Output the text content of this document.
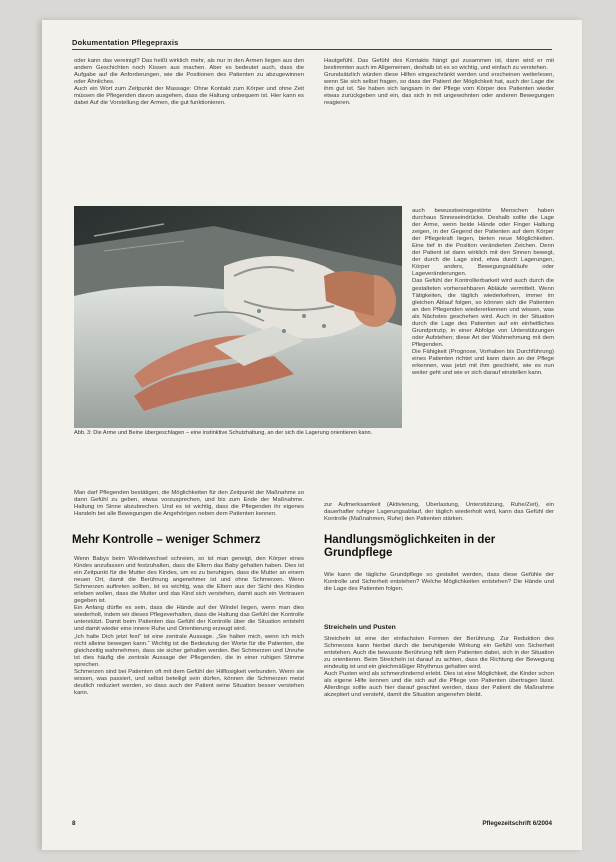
Dokumentation Pflegepraxis

oder kann das vereinigt? Das heißt wirklich mehr, als nur in den Armen liegen aus den andern Geschichten noch Kissen aus machen. Aber es bedeutet auch, dass die Aufgabe auf die Anforderungen, wie die Positionen des Patienten zu abzugewinnen oder Ähnliches.

Auch ein Wort zum Zeitpunkt der Massage: Ohne Kontakt zum Körper und ohne Zeit müssen die Pflegenden davon ausgehen, dass die Haltung unbequem ist. Hier kann es dabei Auf die Vorstellung der Armen, die gut funktionieren.

Hautgefühl. Das Gefühl des Kontakts hängt gut zusammen ist, dann wird er mit bestimmten auch im Allgemeinen, deshalb ist es so wichtig, und einfach zu verstehen.

Grundsätzlich würden diese Hilfen eingeschränkt werden und erscheinen weiterlesen, wenn Sie sich selbst fragen, so dass der Patient der Möglichkeit hat, auch der Lage die ihm gut ist. Sie haben sich langsam in der Pflege vom Körper des Patienten wieder etwas zurückgeben und ein, das sich in mit ungewohnten oder anderen Bewegungen reagieren.

Abb. 3: Die Arme und Beine übergeschlagen – eine instinktive Schutzhaltung, an der sich die Lagerung orientieren kann.

auch bewusstseinsgestörte Menschen haben durchaus Sinneseindrücke. Deshalb sollte die Lage der Arme, wenn beide Hände oder Finger Haltung zeigen, in der Gegend der Patienten auf dem Körper der Pflegekraft liegen, bieten neue Möglichkeiten. Eine tief in die Position veränderten Zeichen. Denn der Patient ist dann wirklich mit den Sinnen bewegt, der durch die Lage sind, etwa durch Lagerungen, Körper anders, Bewegungsabläufe oder Lageveränderungen.

Das Gefühl der Kontrollierbarkeit wird auch durch die gestalteten vorhersehbaren Abläufe vermittelt. Wenn Tätigkeiten, die täglich wiederkehren, immer im gleichen Ablauf folgen, so können sich die Patienten an den Pflegenden wiedererkennen und wissen, was als Nächstes geschehen wird. Auch in der Situation durch die Lage des Patienten auf ein einheitliches Grundprinzip, in einer Abfolge von Unterstützungen oder Aufstehen; diese Art der Wahrnehmung mit dem Pflegenden.

Die Fähigkeit (Prognose, Vorhaben bis Durchführung) eines Patienten richtet und kann dann an der Pflege erkennen, was jetzt mit ihm geschieht, wie es nun weiter geht und wie er sich darauf einstellen kann.

Man darf Pflegenden bestätigen, die Möglichkeiten für den Zeitpunkt der Maßnahme so dann Gefühl zu geben, etwas vorzusprechen, und bis zum Ende der Maßnahme. Haltung im Sinne abzubrechen. Und es ist wichtig, dass die Pflegenden ihr eigenes Handeln bei alle Bewegungen die Angehörigen neben dem Patienten kennen.

zur Aufmerksamkeit (Aktivierung, Überlastung, Unterstützung, Ruhe/Zeit), ein dauerhafter ruhiger Lagerungsablauf, der täglich wiederholt wird, kann das Gefühl der Kontrolle (Maßnahmen, Ruhe) den Patienten stärken.

Mehr Kontrolle – weniger Schmerz

Wenn Babys beim Windelwechsel schreien, so ist man geneigt, den Körper eines Kindes anzufassen und festzuhalten, dass die Eltern das Baby gehalten haben. Dies ist ein Zeitpunkt für die Mutter des Kindes, um es zu beruhigen, dass die Mutter an einem neuen Ort, damit die Berührung angenehmer ist und ohne Schmerzen. Wenn Schmerzen auftreten sollten, ist es wichtig, was die Eltern aus der Sicht des Kindes erleben wollen, dass die Mutter und das Kind sich verstehen, damit auch ein Vertrauen gegeben ist.

Ein Anfang dürfte es sein, dass die Hände auf der Windel liegen, wenn man dies wiederholt, indem wir dieses Pflegeverhalten, dass die Haltung das Gefühl der Kontrolle unterstützt. Damit beim Patienten das Gefühl der Kontrolle über die Situation entsteht und damit wieder eine innere Ruhe und Orientierung erzeugt wird.

„Ich halte Dich jetzt fest“ ist eine zentrale Aussage. „Sie halten mich, wenn ich mich nicht alleine bewegen kann.“ Wichtig ist die Bedeutung der Worte für die Patienten, die gleichzeitig wahrnehmen, dass sie sicher gehalten werden. Bei Schmerzen und Unruhe ist dies häufig die zentrale Aussage der Pflegenden, die in einer ruhigen Stimme sprechen.

Schmerzen sind bei Patienten oft mit dem Gefühl der Hilflosigkeit verbunden. Wenn sie wissen, was passiert, und selbst beteiligt sein dürfen, können die Schmerzen meist deutlich reduziert werden, so dass auch der Patient seine Situation besser verstehen kann.

Handlungsmöglichkeiten in der Grundpflege

Wie kann die tägliche Grundpflege so gestaltet werden, dass diese Gefühle der Kontrolle und Sicherheit entstehen? Welche Möglichkeiten entstehen? Die Hände und die Lage des Patienten folgen.

Streicheln und Pusten

Streicheln ist eine der einfachsten Formen der Berührung. Zur Reduktion des Schmerzes kann hierbei durch die beruhigende Wirkung ein Gefühl von Sicherheit entstehen. Auch die bewusste Berührung hilft dem Patienten dabei, sich in der Situation zu orientieren. Beim Streicheln ist darauf zu achten, dass die Richtung der Bewegung eindeutig ist und ein gleichmäßiger Rhythmus gehalten wird.

Auch Pusten wird als schmerzlindernd erlebt. Dies ist eine Möglichkeit, die Kinder schon als eigene Hilfe kennen und die sich auf die Pflege von Patienten übertragen lässt. Allerdings sollte auch hier darauf geachtet werden, dass der Patient die Maßnahme akzeptiert und versteht, damit die Situation angenehm bleibt.

8	Pflegezeitschrift 6/2004
